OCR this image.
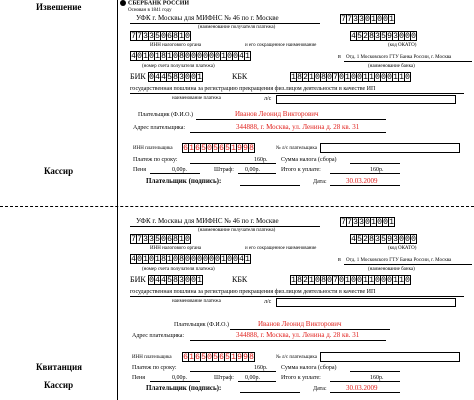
Извешение
Кассир
СБЕРБАНК РОССИИ
Основан в 1841 году
УФК г. Москвы для МИФНС № 46 по г. Москве
(наименование получателя платежа)
7 7 3 3 0 1 0 0 1
7 7 3 3 5 0 6 8 1 0	4 5 2 8 3 5 9 3 0 0 0
ИНН налогового органа	и его сокращенное наименование	(код ОКАТО)
4 0 1 0 1 8 1 0 8 0 0 0 0 0 0 1 0 0 4 1	в Отд. 1 Московского ГТУ Банка России, г. Москва
(номер счета получателя платежа)	(наименование банка)
БИК 0 4 4 5 8 3 0 0 1	КБК	1 8 2 1 0 8 0 7 0 1 0 0 1 1 0 0 0 1 1 0
государственная пошлина за регистрацию прекращения физ.лицом деятельности в качестве ИП
наименование платежа	л/с
Плательщик (Ф.И.О.)	Иванов Леонид Викторович
Адрес плательщика:	344888, г. Москва, ул. Ленина д. 28 кв. 31
ИНН плательщика 6 1 6 5 0 5 6 5 1 9 9 8	№ л/с плательщика
Платеж по сроку:	160р. Сумма налога (сбора)
Пеня	0,00р.	Штраф: 0,00р.	Итого к уплате:	160р.
Плательщик (подпись):	Дата:	30.03.2009
Квитанция
Кассир
УФК г. Москвы для МИФНС № 46 по г. Москве
(наименование получателя платежа)
7 7 3 3 0 1 0 0 1
7 7 3 3 5 0 6 8 1 0	4 5 2 8 3 5 9 3 0 0 0
ИНН налогового органа	и его сокращенное наименование	(код ОКАТО)
4 0 1 0 1 8 1 0 8 0 0 0 0 0 0 1 0 0 4 1	в Отд. 1 Московского ГТУ Банка России, г. Москва
(номер счета получателя платежа)	(наименование банка)
БИК 0 4 4 5 8 3 0 0 1	КБК	1 8 2 1 0 8 0 7 0 1 0 0 1 1 0 0 0 1 1 0
государственная пошлина за регистрацию прекращения физ.лицом деятельности в качестве ИП
наименование платежа	л/с
Плательщик (Ф.И.О.)	Иванов Леонид Викторович
Адрес плательщика:	344888, г. Москва, ул. Ленина д. 28 кв. 31
ИНН плательщика 6 1 6 5 0 5 6 5 1 9 9 8	№ л/с плательщика
Платеж по сроку:	160р. Сумма налога (сбора)
Пеня	0,00р.	Штраф: 0,00р.	Итого к уплате:	160р.
Плательщик (подпись):	Дата:	30.03.2009
